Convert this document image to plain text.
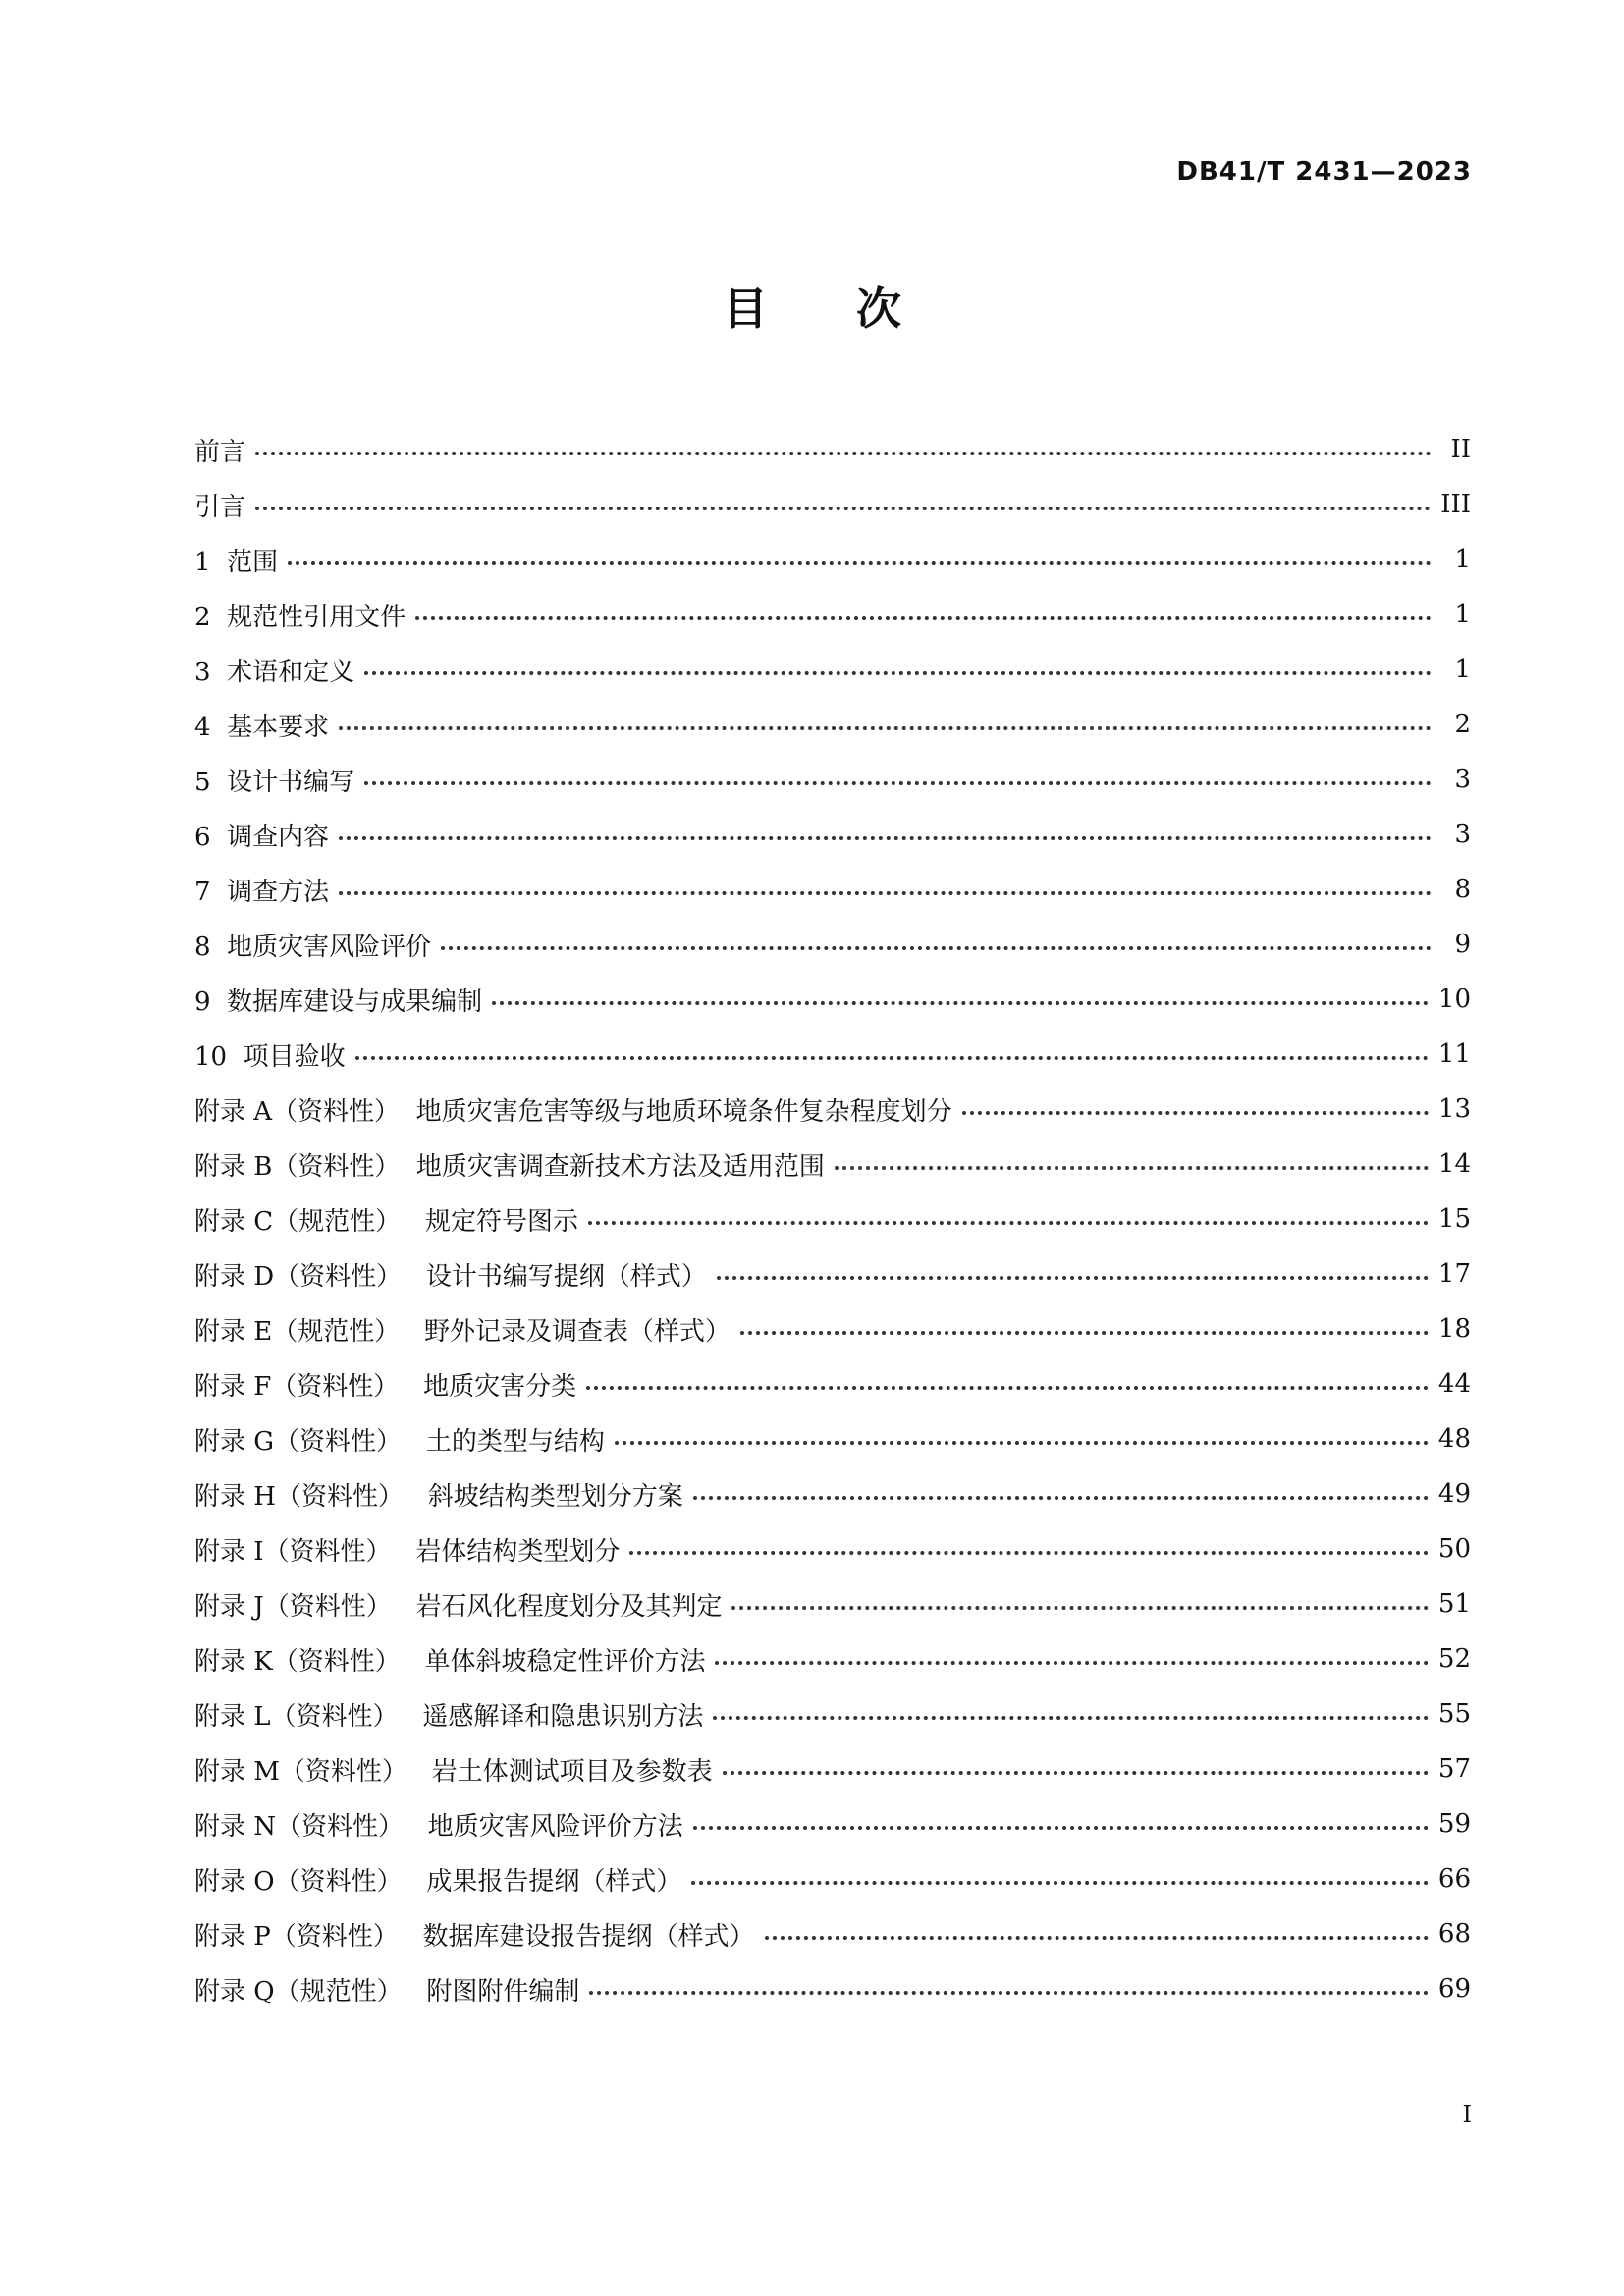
DB41/T 2431—2023
目次
前言	II
引言	III
1  范围	1
2  规范性引用文件	1
3  术语和定义	1
4  基本要求	2
5  设计书编写	3
6  调查内容	3
7  调查方法	8
8  地质灾害风险评价	9
9  数据库建设与成果编制	10
10  项目验收	11
附录 A（资料性）  地质灾害危害等级与地质环境条件复杂程度划分	13
附录 B（资料性）  地质灾害调查新技术方法及适用范围	14
附录 C（规范性）   规定符号图示	15
附录 D（资料性）   设计书编写提纲（样式）	17
附录 E（规范性）   野外记录及调查表（样式）	18
附录 F（资料性）   地质灾害分类	44
附录 G（资料性）   土的类型与结构	48
附录 H（资料性）   斜坡结构类型划分方案	49
附录 I（资料性）   岩体结构类型划分	50
附录 J（资料性）   岩石风化程度划分及其判定	51
附录 K（资料性）   单体斜坡稳定性评价方法	52
附录 L（资料性）   遥感解译和隐患识别方法	55
附录 M（资料性）   岩土体测试项目及参数表	57
附录 N（资料性）   地质灾害风险评价方法	59
附录 O（资料性）   成果报告提纲（样式）	66
附录 P（资料性）   数据库建设报告提纲（样式）	68
附录 Q（规范性）   附图附件编制	69
I
